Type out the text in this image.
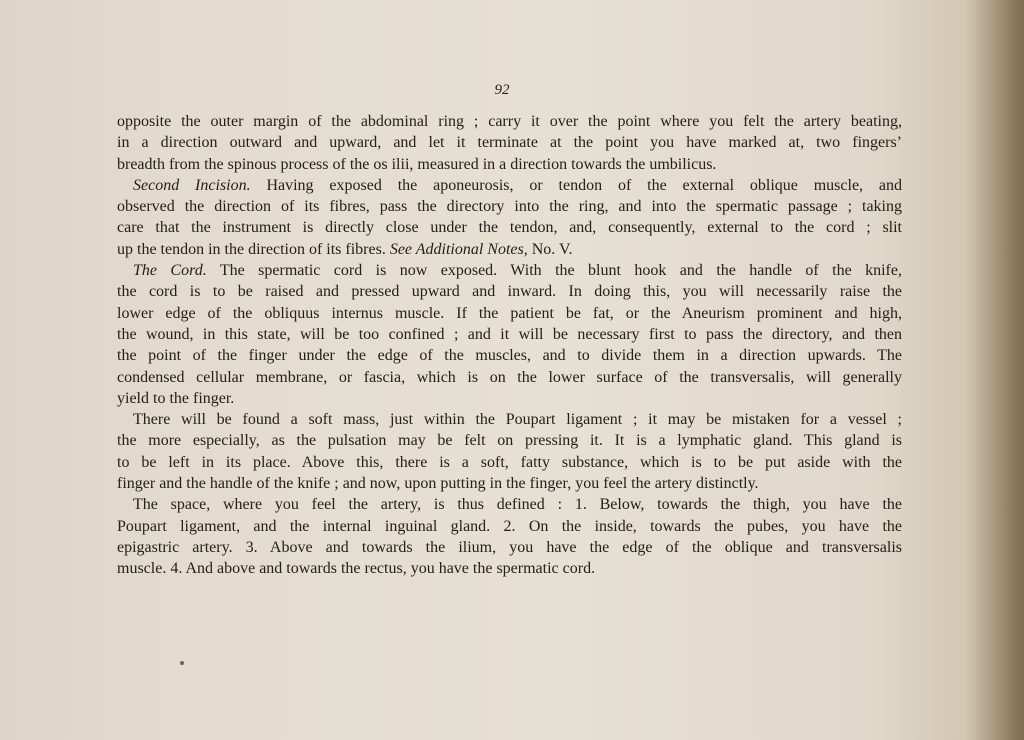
92
opposite the outer margin of the abdominal ring ; carry it over the point where you felt the artery beating,
in a direction outward and upward, and let it terminate at the point you have marked at, two fingers’
breadth from the spinous process of the os ilii, measured in a direction towards the umbilicus.
Second Incision. Having exposed the aponeurosis, or tendon of the external oblique muscle, and
observed the direction of its fibres, pass the directory into the ring, and into the spermatic passage ; taking
care that the instrument is directly close under the tendon, and, consequently, external to the cord ; slit
up the tendon in the direction of its fibres. See Additional Notes, No. V.
The Cord. The spermatic cord is now exposed. With the blunt hook and the handle of the knife,
the cord is to be raised and pressed upward and inward. In doing this, you will necessarily raise the
lower edge of the obliquus internus muscle. If the patient be fat, or the Aneurism prominent and high,
the wound, in this state, will be too confined ; and it will be necessary first to pass the directory, and then
the point of the finger under the edge of the muscles, and to divide them in a direction upwards. The
condensed cellular membrane, or fascia, which is on the lower surface of the transversalis, will generally
yield to the finger.
There will be found a soft mass, just within the Poupart ligament ; it may be mistaken for a vessel ;
the more especially, as the pulsation may be felt on pressing it. It is a lymphatic gland. This gland is
to be left in its place. Above this, there is a soft, fatty substance, which is to be put aside with the
finger and the handle of the knife ; and now, upon putting in the finger, you feel the artery distinctly.
The space, where you feel the artery, is thus defined : 1. Below, towards the thigh, you have the
Poupart ligament, and the internal inguinal gland. 2. On the inside, towards the pubes, you have the
epigastric artery. 3. Above and towards the ilium, you have the edge of the oblique and transversalis
muscle. 4. And above and towards the rectus, you have the spermatic cord.
